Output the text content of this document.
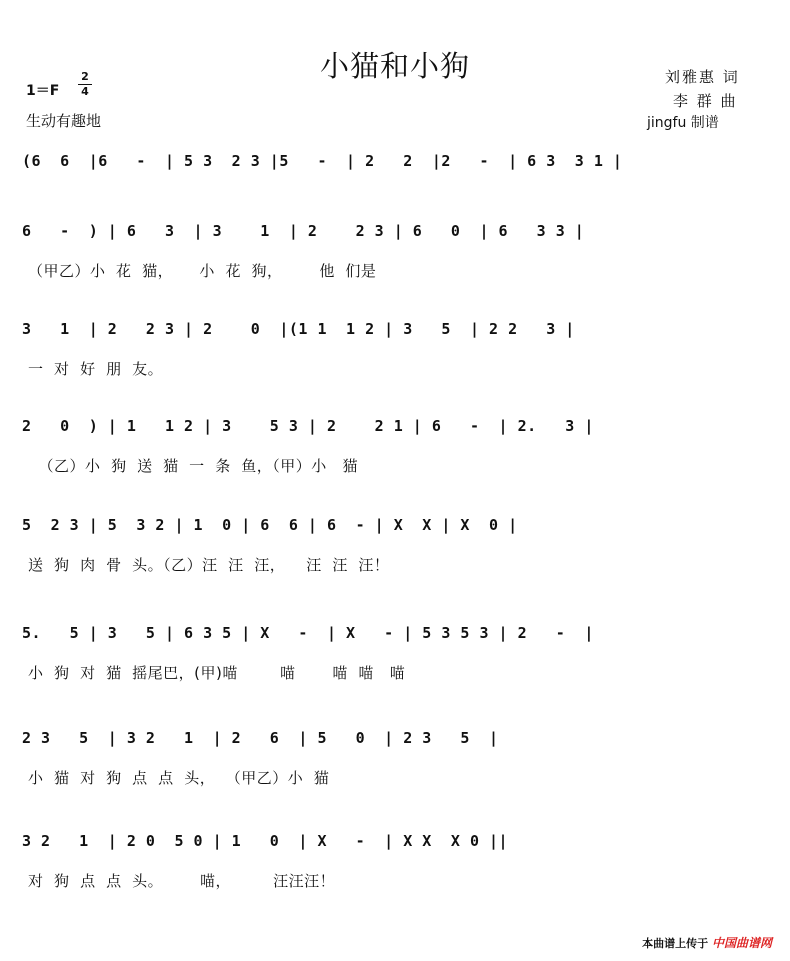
小猫和小狗
1＝F
2
4
生动有趣地
刘雅惠 词
李 群 曲
jingfu 制谱
(6  6  |6   -  | 5 3  2 3 |5   -  | 2   2  |2   -  | 6 3  3 1 |
6   -  ) | 6   3  | 3    1  | 2    2 3 | 6   0  | 6   3 3 |
（甲乙）小  花  猫，     小  花  狗，       他  们是
3   1  | 2   2 3 | 2    0  |(1 1  1 2 | 3   5  | 2 2   3 |
一  对  好  朋  友。
2   0  ) | 1   1 2 | 3    5 3 | 2    2 1 | 6   -  | 2.   3 |
（乙）小  狗  送  猫  一  条  鱼，（甲）小   猫
5  2 3 | 5  3 2 | 1  0 | 6  6 | 6  - | X  X | X  0 |
送  狗  肉  骨  头。（乙）汪  汪  汪，    汪  汪  汪！
5.   5 | 3   5 | 6 3 5 | X   -  | X   - | 5 3 5 3 | 2   -  |
小  狗  对  猫  摇尾巴，(甲)喵        喵       喵  喵   喵
2 3   5  | 3 2   1  | 2   6  | 5   0  | 2 3   5  |
小  猫  对  狗  点  点  头，  （甲乙）小  猫
3 2   1  | 2 0  5 0 | 1   0  | X   -  | X X  X 0 ||
对  狗  点  点  头。       喵，        汪汪汪！
本曲谱上传于 中国曲谱网
